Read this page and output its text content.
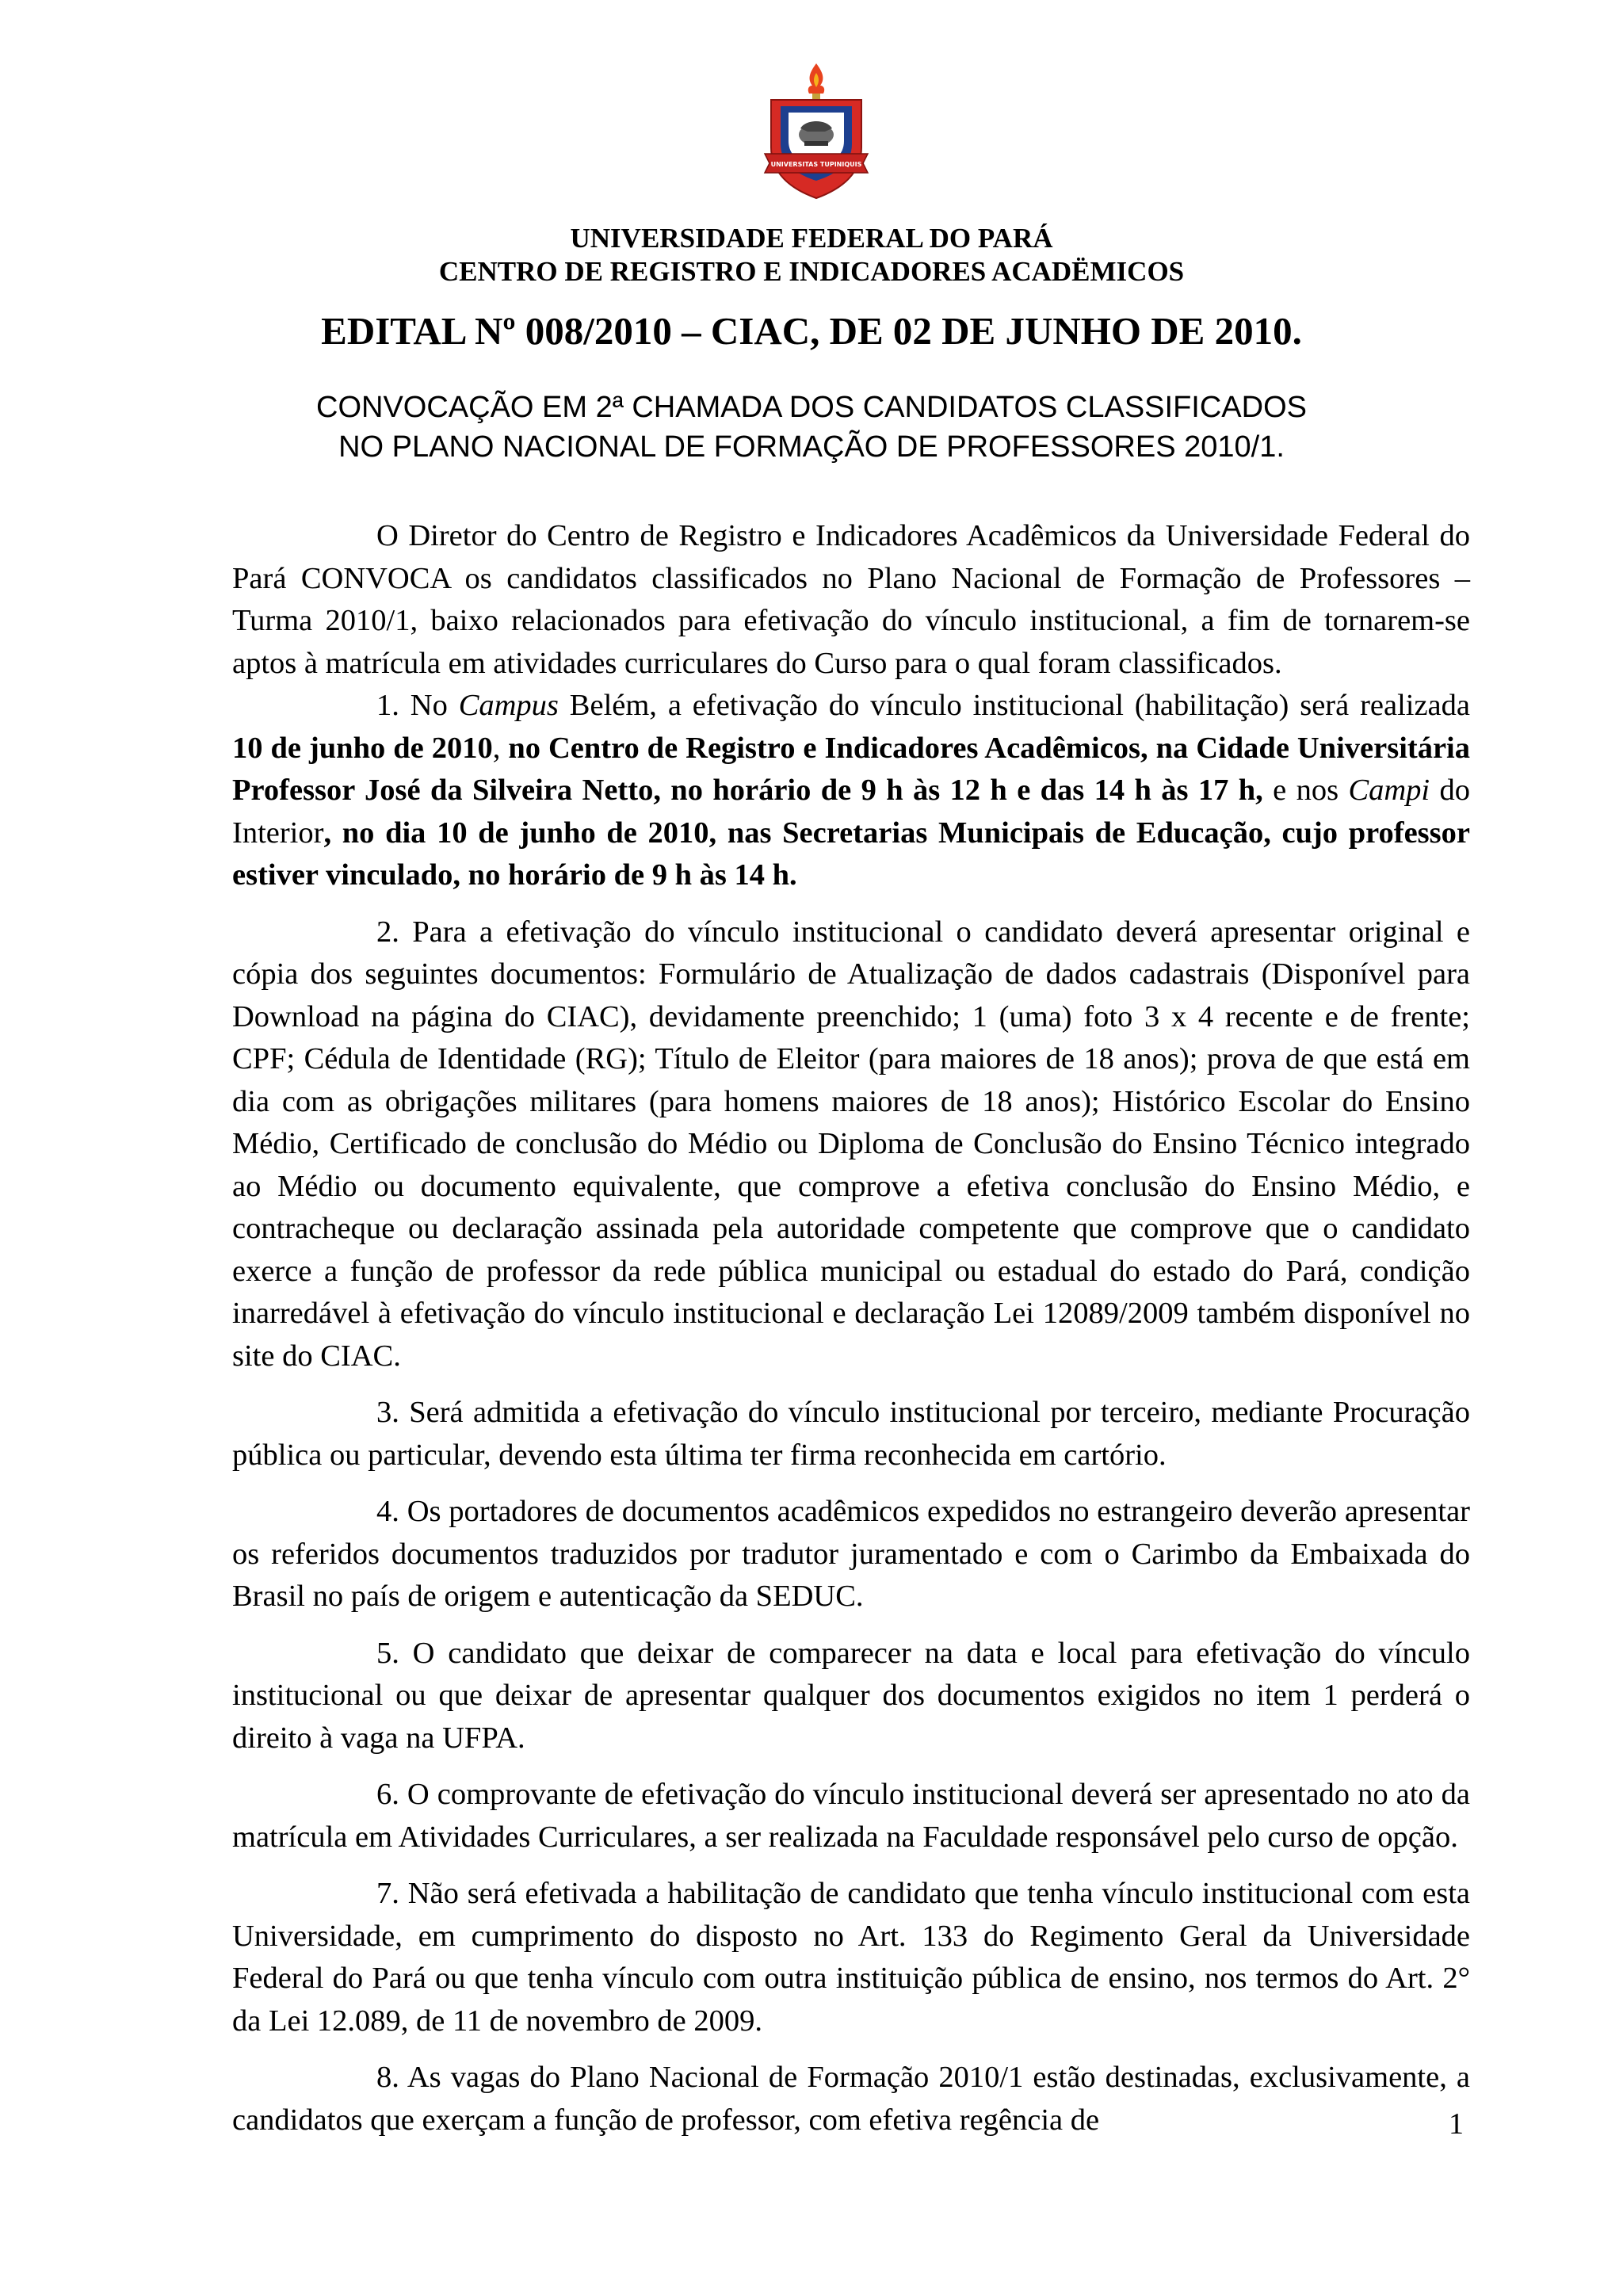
UNIVERSITAS TUPINIQUIS
UNIVERSIDADE FEDERAL DO PARÁ
CENTRO DE REGISTRO E INDICADORES ACADËMICOS
EDITAL Nº 008/2010 – CIAC, DE 02 DE JUNHO DE 2010.
CONVOCAÇÃO EM 2ª CHAMADA DOS CANDIDATOS CLASSIFICADOS
NO PLANO NACIONAL DE FORMAÇÃO DE PROFESSORES 2010/1.

O Diretor do Centro de Registro e Indicadores Acadêmicos da Universidade Federal do Pará CONVOCA os candidatos classificados no Plano Nacional de Formação de Professores – Turma 2010/1, baixo relacionados para efetivação do vínculo institucional, a fim de tornarem-se aptos à matrícula em atividades curriculares do Curso para o qual foram classificados.

1. No Campus Belém, a efetivação do vínculo institucional (habilitação) será realizada 10 de junho de 2010, no Centro de Registro e Indicadores Acadêmicos, na Cidade Universitária Professor José da Silveira Netto, no horário de 9 h às 12 h e das 14 h às 17 h, e nos Campi do Interior, no dia 10 de junho de 2010, nas Secretarias Municipais de Educação, cujo professor estiver vinculado, no horário de 9 h às 14 h.

2. Para a efetivação do vínculo institucional o candidato deverá apresentar original e cópia dos seguintes documentos: Formulário de Atualização de dados cadastrais (Disponível para Download na página do CIAC), devidamente preenchido; 1 (uma) foto 3 x 4 recente e de frente; CPF; Cédula de Identidade (RG); Título de Eleitor (para maiores de 18 anos); prova de que está em dia com as obrigações militares (para homens maiores de 18 anos); Histórico Escolar do Ensino Médio, Certificado de conclusão do Médio ou Diploma de Conclusão do Ensino Técnico integrado ao Médio ou documento equivalente, que comprove a efetiva conclusão do Ensino Médio, e contracheque ou declaração assinada pela autoridade competente que comprove que o candidato exerce a função de professor da rede pública municipal ou estadual do estado do Pará, condição inarredável à efetivação do vínculo institucional e declaração Lei 12089/2009 também disponível no site do CIAC.

3. Será admitida a efetivação do vínculo institucional por terceiro, mediante Procuração pública ou particular, devendo esta última ter firma reconhecida em cartório.

4. Os portadores de documentos acadêmicos expedidos no estrangeiro deverão apresentar os referidos documentos traduzidos por tradutor juramentado e com o Carimbo da Embaixada do Brasil no país de origem e autenticação da SEDUC.

5. O candidato que deixar de comparecer na data e local para efetivação do vínculo institucional ou que deixar de apresentar qualquer dos documentos exigidos no item 1 perderá o direito à vaga na UFPA.

6. O comprovante de efetivação do vínculo institucional deverá ser apresentado no ato da matrícula em Atividades Curriculares, a ser realizada na Faculdade responsável pelo curso de opção.

7. Não será efetivada a habilitação de candidato que tenha vínculo institucional com esta Universidade, em cumprimento do disposto no Art. 133 do Regimento Geral da Universidade Federal do Pará ou que tenha vínculo com outra instituição pública de ensino, nos termos do Art. 2° da Lei 12.089, de 11 de novembro de 2009.

8. As vagas do Plano Nacional de Formação 2010/1 estão destinadas, exclusivamente, a candidatos que exerçam a função de professor, com efetiva regência de	1
